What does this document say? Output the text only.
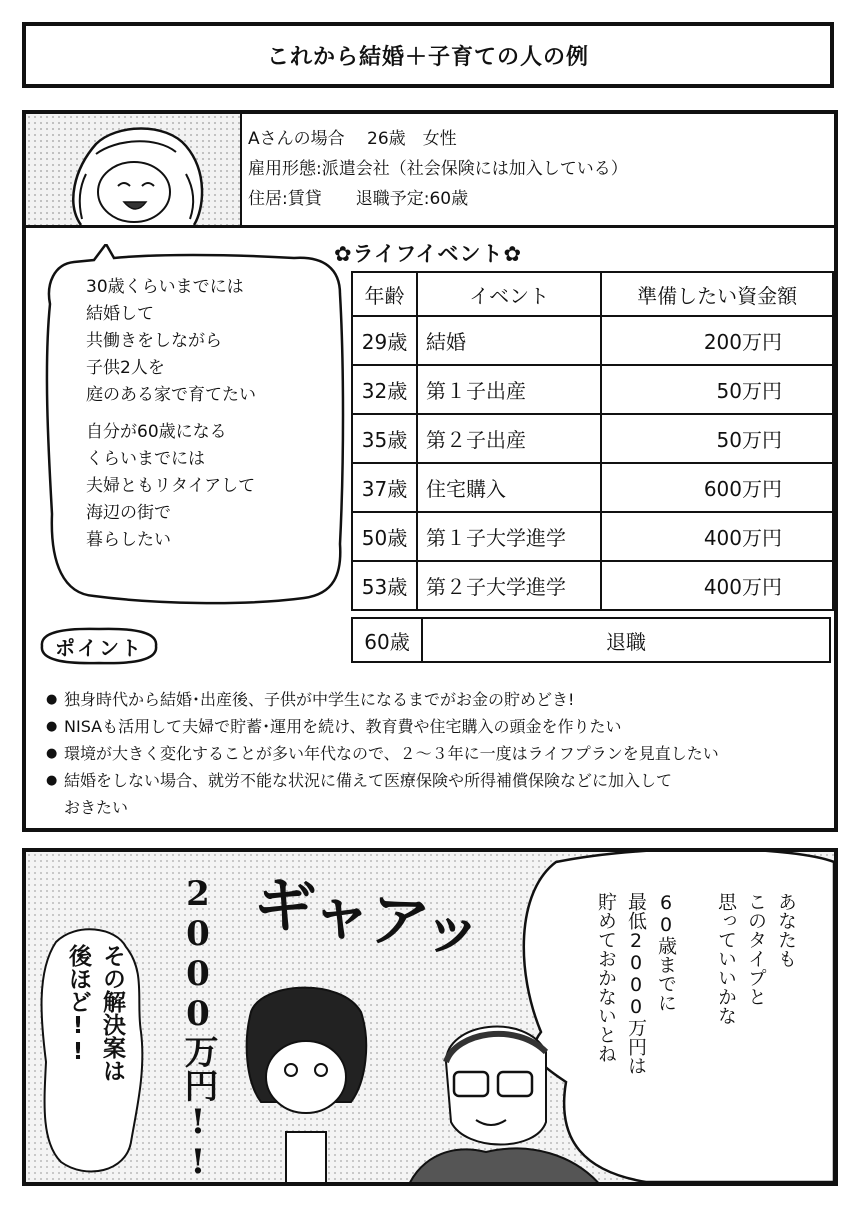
これから結婚＋子育ての人の例
Aさんの場合　 26歳　女性
雇用形態:派遣会社（社会保険には加入している）
住居:賃貸　　退職予定:60歳
30歳くらいまでには
結婚して
共働きをしながら
子供2人を
庭のある家で育てたい
自分が60歳になる
くらいまでには
夫婦ともリタイアして
海辺の街で
暮らしたい
✿ライフイベント✿
年齢	イベント	準備したい資金額
29歳	結婚	200万円
32歳	第１子出産	50万円
35歳	第２子出産	50万円
37歳	住宅購入	600万円
50歳	第１子大学進学	400万円
53歳	第２子大学進学	400万円
60歳	退職
ポイント
● 独身時代から結婚･出産後、子供が中学生になるまでがお金の貯めどき!
● NISAも活用して夫婦で貯蓄･運用を続け、教育費や住宅購入の頭金を作りたい
● 環境が大きく変化することが多い年代なので、２〜３年に一度はライフプランを見直したい
● 結婚をしない場合、就労不能な状況に備えて医療保険や所得補償保険などに加入して
おきたい
あなたも
このタイプと
思っていいかな

60歳までに
最低2000万円は
貯めておかないとね
その解決案は
後ほど!!	2000万円!! ギャアッ
